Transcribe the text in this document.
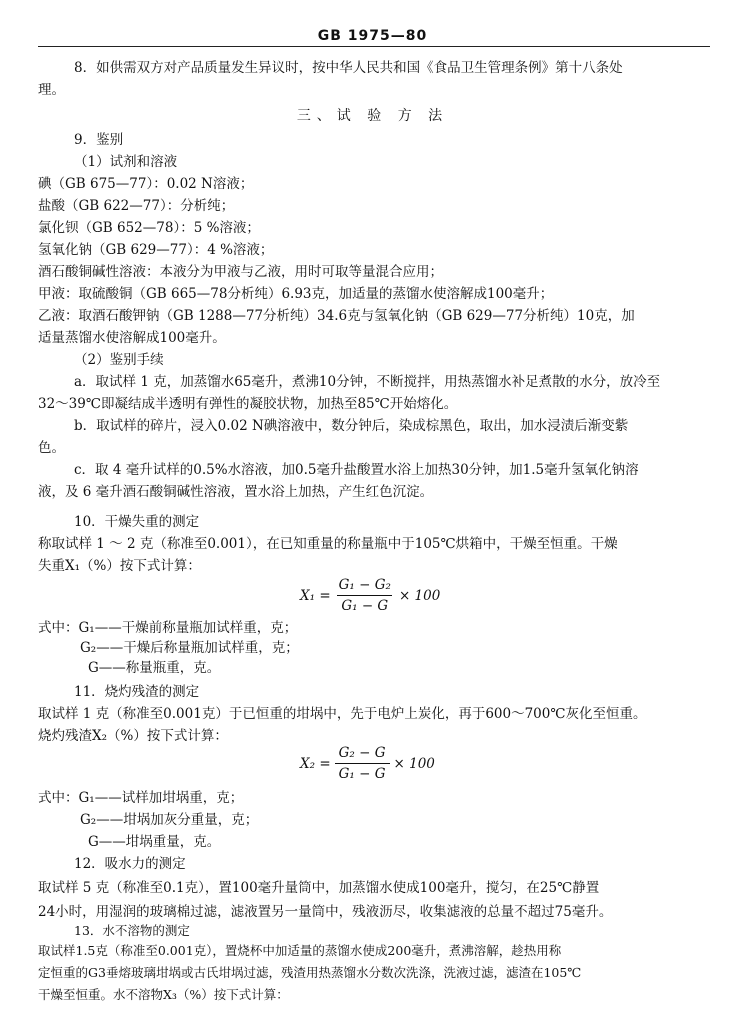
GB 1975—80
8．如供需双方对产品质量发生异议时，按中华人民共和国《食品卫生管理条例》第十八条处
理。
三、试 验 方 法
9．鉴别
（1）试剂和溶液
碘（GB 675—77）：0.02 N溶液；
盐酸（GB 622—77）：分析纯；
氯化钡（GB 652—78）：5 %溶液；
氢氧化钠（GB 629—77）：4 %溶液；
酒石酸铜碱性溶液：本液分为甲液与乙液，用时可取等量混合应用；
甲液：取硫酸铜（GB 665—78分析纯）6.93克，加适量的蒸馏水使溶解成100毫升；
乙液：取酒石酸钾钠（GB 1288—77分析纯）34.6克与氢氧化钠（GB 629—77分析纯）10克，加
适量蒸馏水使溶解成100毫升。
（2）鉴别手续
a．取试样 1 克，加蒸馏水65毫升，煮沸10分钟，不断搅拌，用热蒸馏水补足煮散的水分，放冷至
32～39℃即凝结成半透明有弹性的凝胶状物，加热至85℃开始熔化。
b．取试样的碎片，浸入0.02 N碘溶液中，数分钟后，染成棕黑色，取出，加水浸渍后渐变紫
色。
c．取 4 毫升试样的0.5%水溶液，加0.5毫升盐酸置水浴上加热30分钟，加1.5毫升氢氧化钠溶
液，及 6 毫升酒石酸铜碱性溶液，置水浴上加热，产生红色沉淀。
10．干燥失重的测定
称取试样 1 ～ 2 克（称准至0.001），在已知重量的称量瓶中于105℃烘箱中，干燥至恒重。干燥
失重X₁（%）按下式计算：
$X_1 = \frac{\text{G₁ − G₂}}{\text{G₁ − G}} \times 100$
式中：G₁——干燥前称量瓶加试样重，克；
G₂——干燥后称量瓶加试样重，克；
G——称量瓶重，克。
11．烧灼残渣的测定
取试样 1 克（称准至0.001克）于已恒重的坩埚中，先于电炉上炭化，再于600～700℃灰化至恒重。
烧灼残渣X₂（%）按下式计算：
$X_2 = \frac{\text{G₂ − G}}{\text{G₁ − G}} \times 100$
式中：G₁——试样加坩埚重，克；
G₂——坩埚加灰分重量，克；
G——坩埚重量，克。
12．吸水力的测定
取试样 5 克（称准至0.1克），置100毫升量筒中，加蒸馏水使成100毫升，搅匀，在25℃静置
24小时，用湿润的玻璃棉过滤，滤液置另一量筒中，残液沥尽，收集滤液的总量不超过75毫升。
13．水不溶物的测定
取试样1.5克（称准至0.001克），置烧杯中加适量的蒸馏水使成200毫升，煮沸溶解，趁热用称
定恒重的G3垂熔玻璃坩埚或古氏坩埚过滤，残渣用热蒸馏水分数次洗涤，洗液过滤，滤渣在105℃
干燥至恒重。水不溶物X₃（%）按下式计算：
